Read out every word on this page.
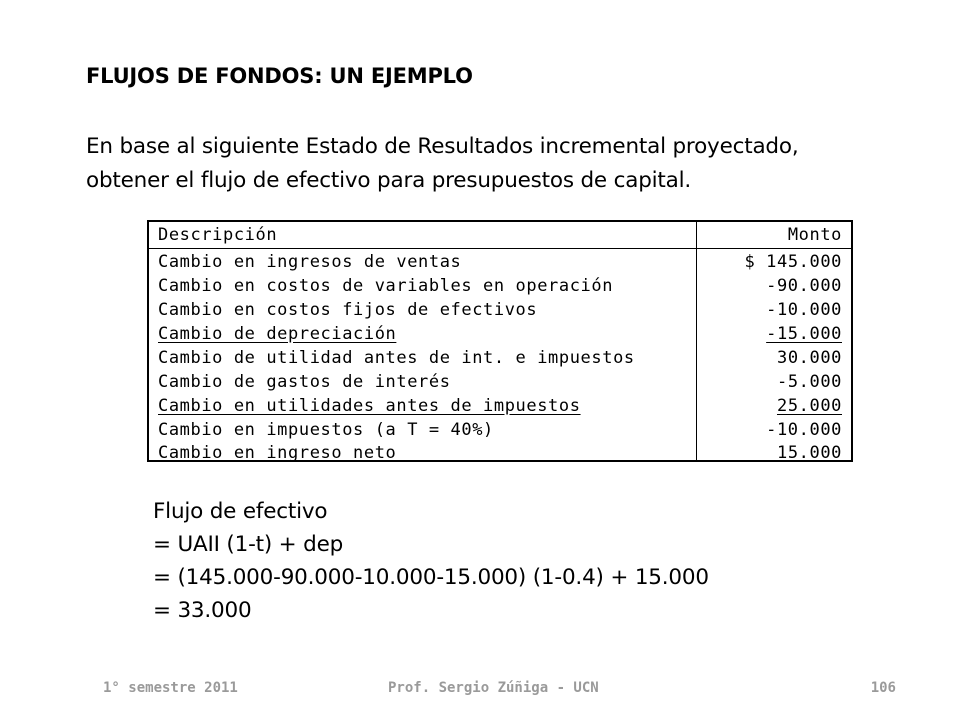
FLUJOS DE FONDOS: UN EJEMPLO
En base al siguiente Estado de Resultados incremental proyectado,
obtener el flujo de efectivo para presupuestos de capital.
Descripción	Monto
Cambio en ingresos de ventas	$ 145.000
Cambio en costos de variables en operación	-90.000
Cambio en costos fijos de efectivos	-10.000
Cambio de depreciación	-15.000
Cambio de utilidad antes de int. e impuestos	30.000
Cambio de gastos de interés	-5.000
Cambio en utilidades antes de impuestos	25.000
Cambio en impuestos (a T = 40%)	-10.000
Cambio en ingreso neto	15.000
Flujo de efectivo
= UAII (1-t) + dep
= (145.000-90.000-10.000-15.000) (1-0.4) + 15.000
= 33.000
1° semestre 2011	Prof. Sergio Zúñiga - UCN	106
